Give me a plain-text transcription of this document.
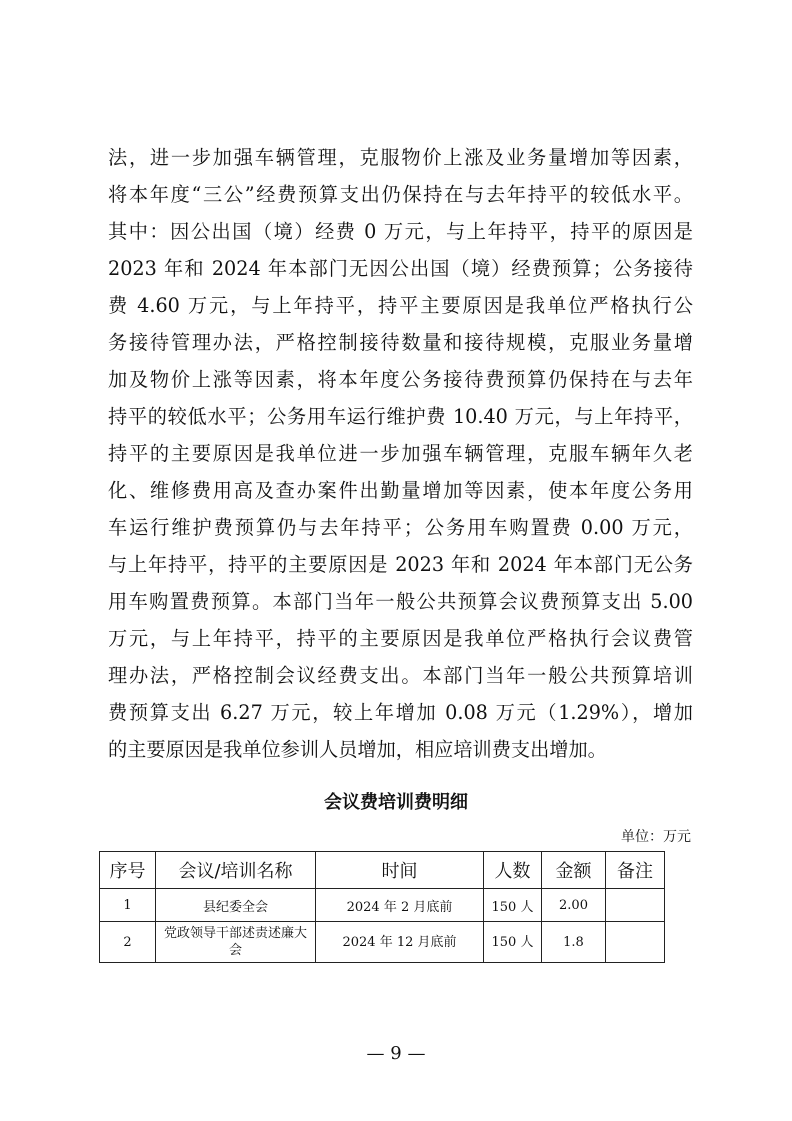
法，进一步加强车辆管理，克服物价上涨及业务量增加等因素，
将本年度“三公”经费预算支出仍保持在与去年持平的较低水平。
其中：因公出国（境）经费 0 万元，与上年持平，持平的原因是
2023 年和 2024 年本部门无因公出国（境）经费预算；公务接待
费 4.60 万元，与上年持平，持平主要原因是我单位严格执行公
务接待管理办法，严格控制接待数量和接待规模，克服业务量增
加及物价上涨等因素，将本年度公务接待费预算仍保持在与去年
持平的较低水平；公务用车运行维护费 10.40 万元，与上年持平，
持平的主要原因是我单位进一步加强车辆管理，克服车辆年久老
化、维修费用高及查办案件出勤量增加等因素，使本年度公务用
车运行维护费预算仍与去年持平；公务用车购置费 0.00 万元，
与上年持平，持平的主要原因是 2023 年和 2024 年本部门无公务
用车购置费预算。本部门当年一般公共预算会议费预算支出 5.00
万元，与上年持平，持平的主要原因是我单位严格执行会议费管
理办法，严格控制会议经费支出。本部门当年一般公共预算培训
费预算支出 6.27 万元，较上年增加 0.08 万元（1.29%），增加
的主要原因是我单位参训人员增加，相应培训费支出增加。
会议费培训费明细
单位：万元
序号	会议/培训名称	时间	人数	金额	备注
1	县纪委全会	2024 年 2 月底前	150 人	2.00	
2	党政领导干部述责述廉大会	2024 年 12 月底前	150 人	1.8	
— 9 —
